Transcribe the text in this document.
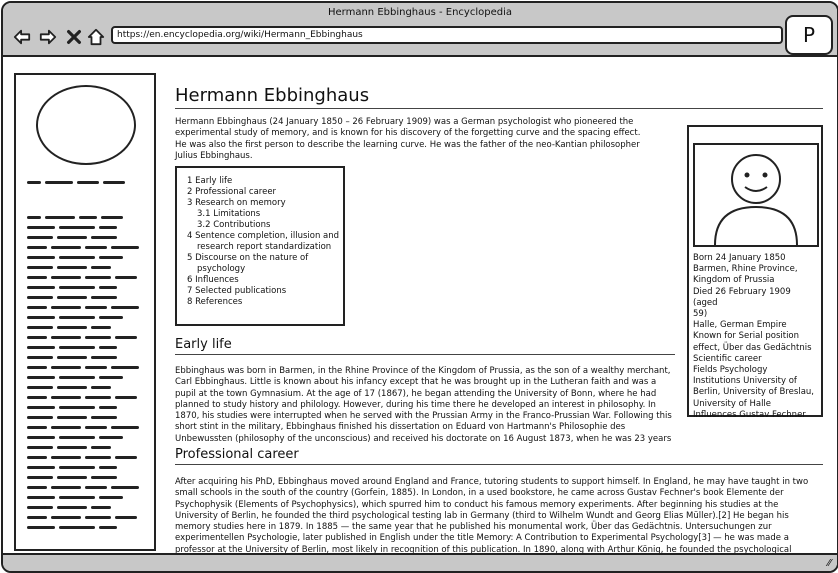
Hermann Ebbinghaus - Encyclopedia
https://en.encyclopedia.org/wiki/Hermann_Ebbinghaus	P
Hermann Ebbinghaus
Hermann Ebbinghaus (24 January 1850 – 26 February 1909) was a German psychologist who pioneered the experimental study of memory, and is known for his discovery of the forgetting curve and the spacing effect. He was also the first person to describe the learning curve. He was the father of the neo-Kantian philosopher Julius Ebbinghaus.
1 Early life
2 Professional career
3 Research on memory
3.1 Limitations
3.2 Contributions
4 Sentence completion, illusion and
research report standardization
5 Discourse on the nature of
psychology
6 Influences
7 Selected publications
8 References
Early life
Ebbinghaus was born in Barmen, in the Rhine Province of the Kingdom of Prussia, as the son of a wealthy merchant, Carl Ebbinghaus. Little is known about his infancy except that he was brought up in the Lutheran faith and was a pupil at the town Gymnasium. At the age of 17 (1867), he began attending the University of Bonn, where he had planned to study history and philology. However, during his time there he developed an interest in philosophy. In 1870, his studies were interrupted when he served with the Prussian Army in the Franco-Prussian War. Following this short stint in the military, Ebbinghaus finished his dissertation on Eduard von Hartmann's Philosophie des Unbewussten (philosophy of the unconscious) and received his doctorate on 16 August 1873, when he was 23 years
Professional career
After acquiring his PhD, Ebbinghaus moved around England and France, tutoring students to support himself. In England, he may have taught in two small schools in the south of the country (Gorfein, 1885). In London, in a used bookstore, he came across Gustav Fechner's book Elemente der Psychophysik (Elements of Psychophysics), which spurred him to conduct his famous memory experiments. After beginning his studies at the University of Berlin, he founded the third psychological testing lab in Germany (third to Wilhelm Wundt and Georg Elias Müller).[2] He began his memory studies here in 1879. In 1885 — the same year that he published his monumental work, Über das Gedächtnis. Untersuchungen zur experimentellen Psychologie, later published in English under the title Memory: A Contribution to Experimental Psychology[3] — he was made a professor at the University of Berlin, most likely in recognition of this publication. In 1890, along with Arthur König, he founded the psychological
Born 24 January 1850
Barmen, Rhine Province,
Kingdom of Prussia
Died 26 February 1909 (aged
59)
Halle, German Empire
Known for Serial position
effect, Über das Gedächtnis
Scientific career
Fields Psychology
Institutions University of
Berlin, University of Breslau,
University of Halle
Influences Gustav Fechner
⁄⁄
